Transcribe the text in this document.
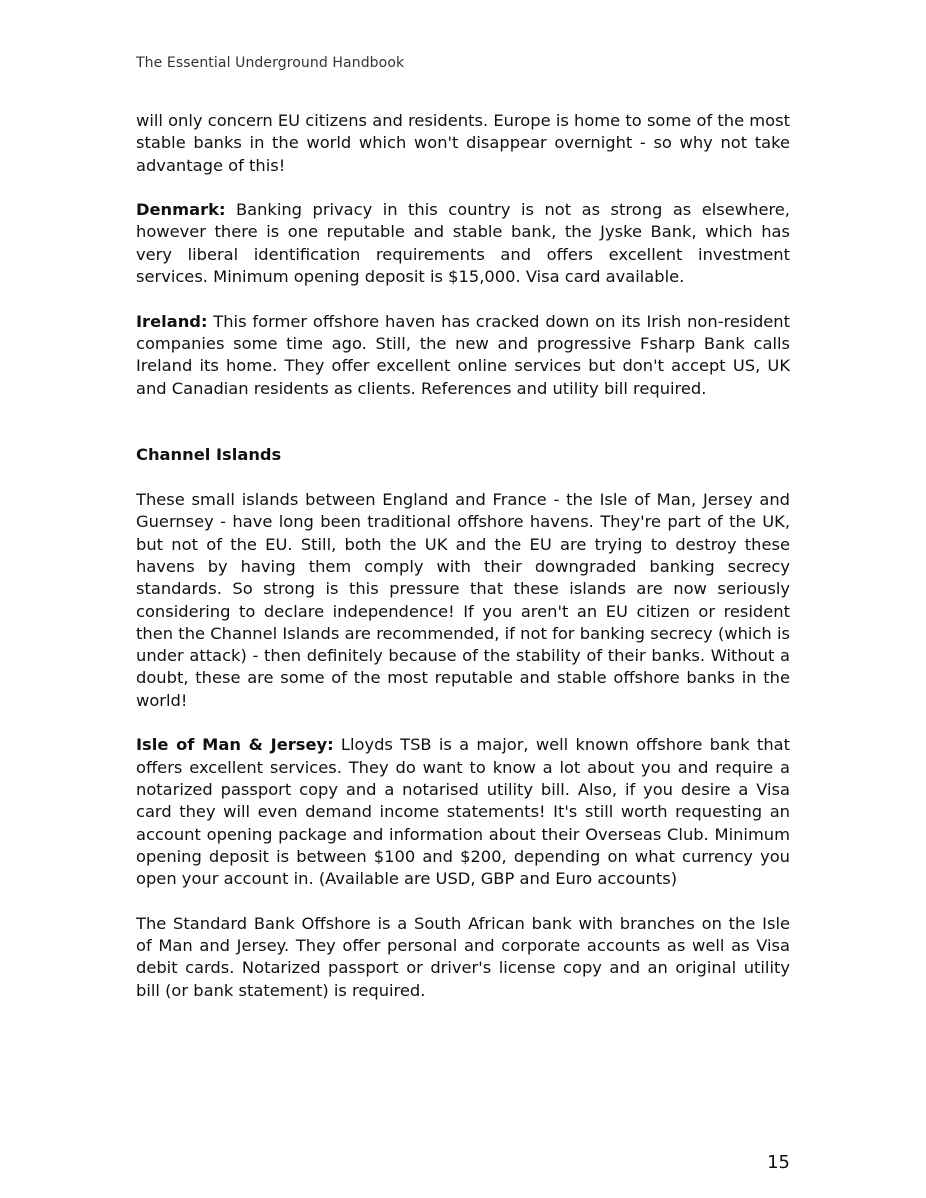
The Essential Underground Handbook

will only concern EU citizens and residents. Europe is home to some of the most stable banks in the world which won't disappear overnight - so why not take advantage of this!

Denmark: Banking privacy in this country is not as strong as elsewhere, however there is one reputable and stable bank, the Jyske Bank, which has very liberal identification requirements and offers excellent investment services. Minimum opening deposit is $15,000. Visa card available.

Ireland: This former offshore haven has cracked down on its Irish non-resident companies some time ago. Still, the new and progressive Fsharp Bank calls Ireland its home. They offer excellent online services but don't accept US, UK and Canadian residents as clients. References and utility bill required.

Channel Islands

These small islands between England and France - the Isle of Man, Jersey and Guernsey - have long been traditional offshore havens. They're part of the UK, but not of the EU. Still, both the UK and the EU are trying to destroy these havens by having them comply with their downgraded banking secrecy standards. So strong is this pressure that these islands are now seriously considering to declare independence! If you aren't an EU citizen or resident then the Channel Islands are recommended, if not for banking secrecy (which is under attack) - then definitely because of the stability of their banks. Without a doubt, these are some of the most reputable and stable offshore banks in the world!

Isle of Man & Jersey: Lloyds TSB is a major, well known offshore bank that offers excellent services. They do want to know a lot about you and require a notarized passport copy and a notarised utility bill. Also, if you desire a Visa card they will even demand income statements! It's still worth requesting an account opening package and information about their Overseas Club. Minimum opening deposit is between $100 and $200, depending on what currency you open your account in. (Available are USD, GBP and Euro accounts)

The Standard Bank Offshore is a South African bank with branches on the Isle of Man and Jersey. They offer personal and corporate accounts as well as Visa debit cards. Notarized passport or driver's license copy and an original utility bill (or bank statement) is required.

15
